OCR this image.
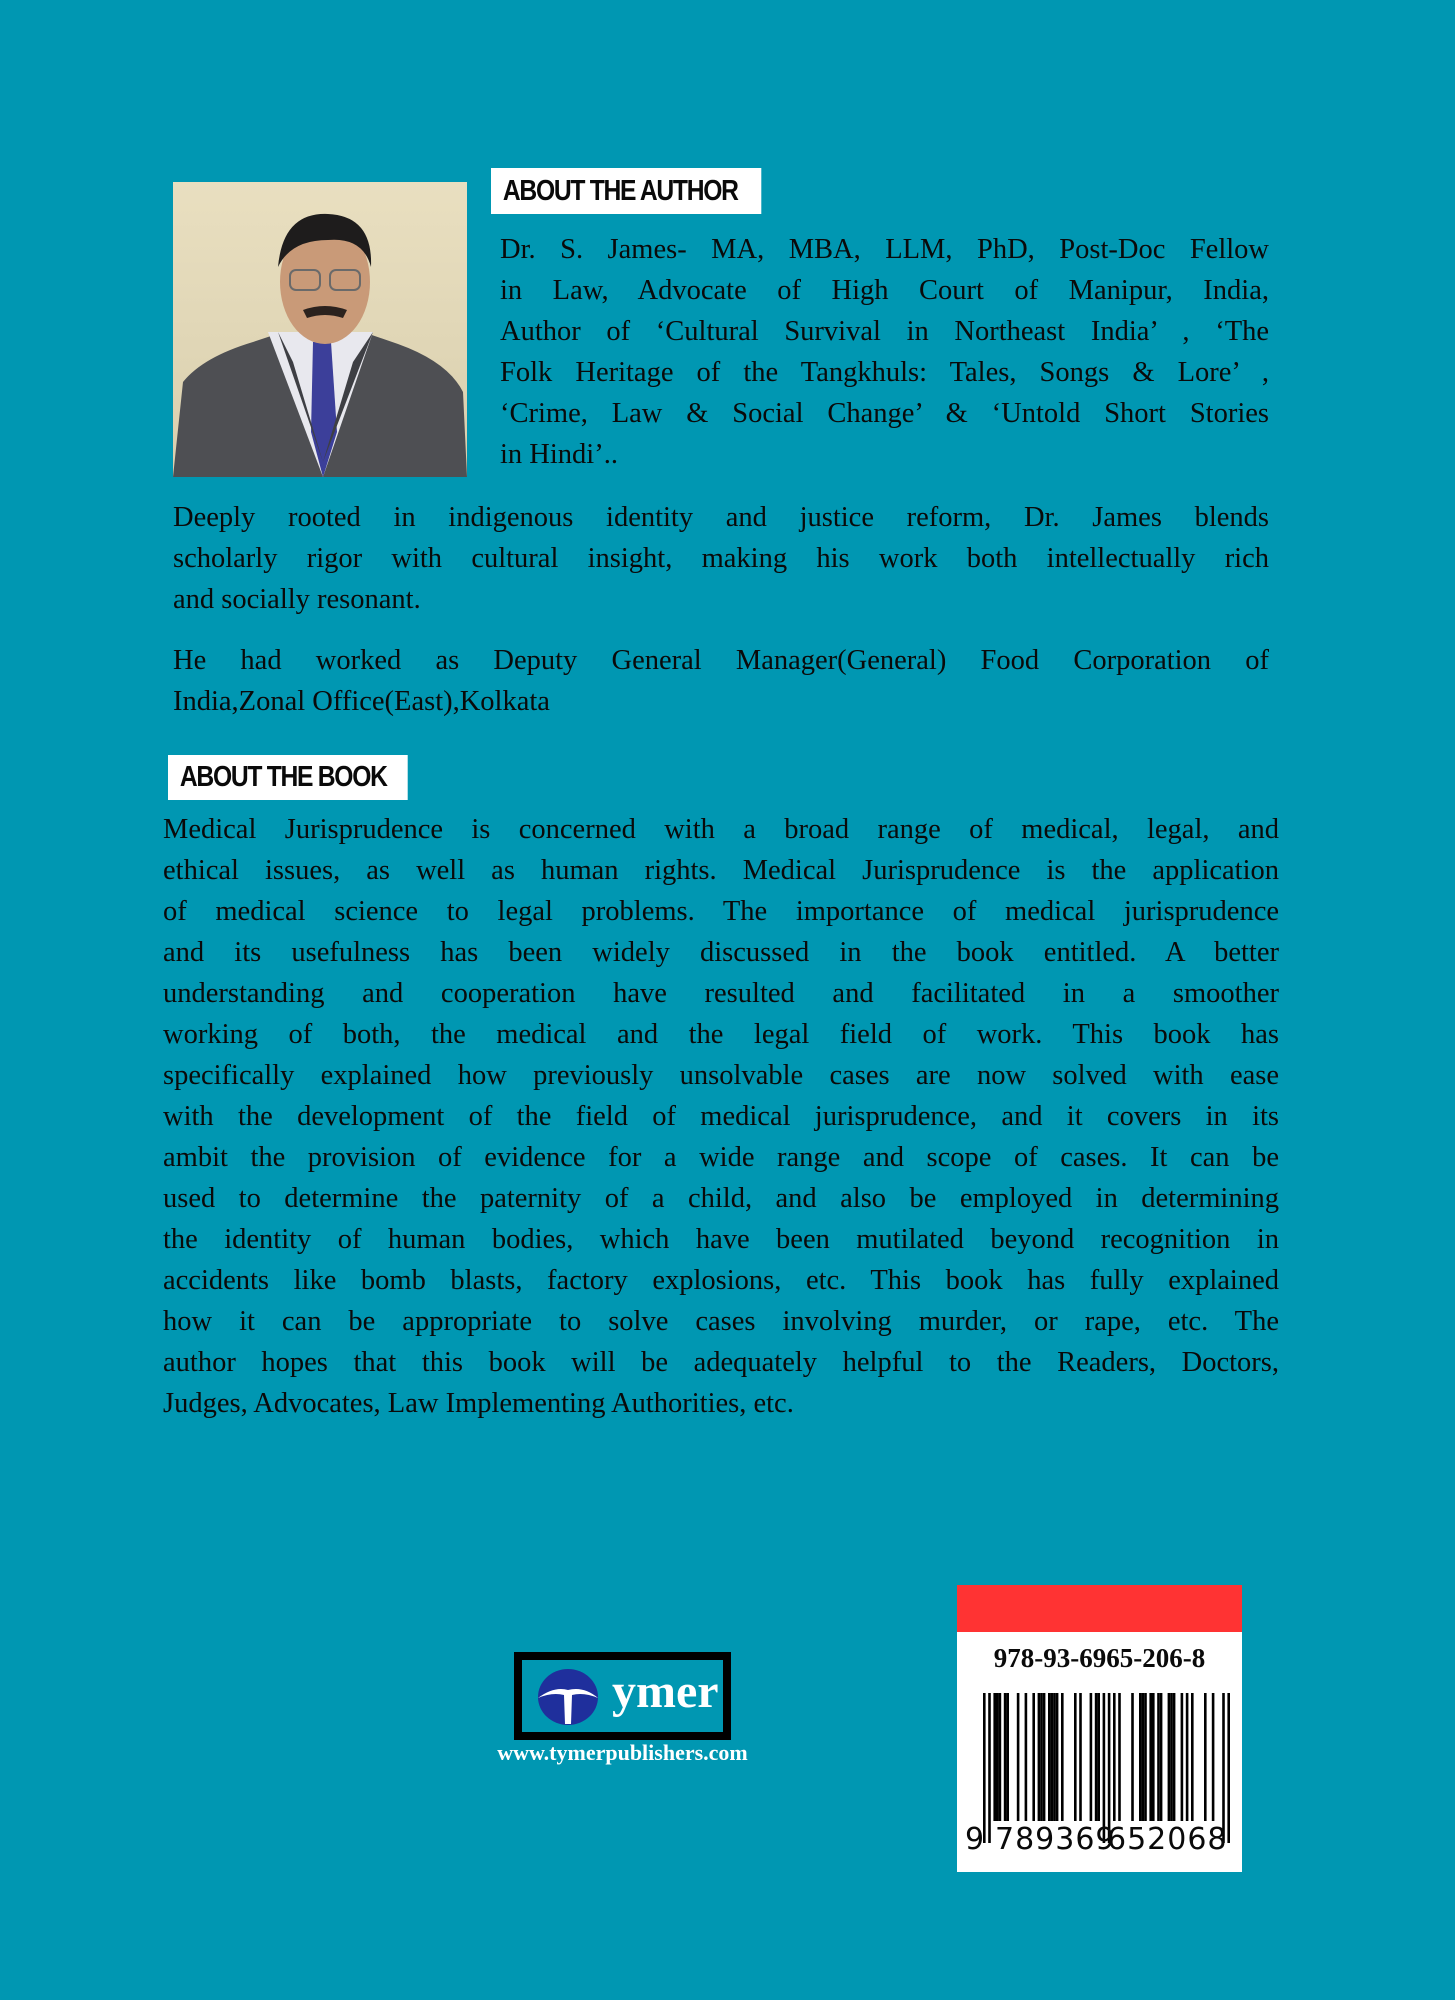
ABOUT THE AUTHOR
Dr. S. James- MA, MBA, LLM, PhD, Post-Doc Fellow
in Law, Advocate of High Court of Manipur, India,
Author of ‘Cultural Survival in Northeast India’ , ‘The
Folk Heritage of the Tangkhuls: Tales, Songs & Lore’ ,
‘Crime, Law & Social Change’ & ‘Untold Short Stories
in Hindi’..
Deeply rooted in indigenous identity and justice reform, Dr. James blends
scholarly rigor with cultural insight, making his work both intellectually rich
and socially resonant.
He had worked as Deputy General Manager(General) Food Corporation of
India,Zonal Office(East),Kolkata
ABOUT THE BOOK
Medical Jurisprudence is concerned with a broad range of medical, legal, and
ethical issues, as well as human rights. Medical Jurisprudence is the application
of medical science to legal problems. The importance of medical jurisprudence
and its usefulness has been widely discussed in the book entitled. A better
understanding and cooperation have resulted and facilitated in a smoother
working of both, the medical and the legal field of work. This book has
specifically explained how previously unsolvable cases are now solved with ease
with the development of the field of medical jurisprudence, and it covers in its
ambit the provision of evidence for a wide range and scope of cases. It can be
used to determine the paternity of a child, and also be employed in determining
the identity of human bodies, which have been mutilated beyond recognition in
accidents like bomb blasts, factory explosions, etc. This book has fully explained
how it can be appropriate to solve cases involving murder, or rape, etc. The
author hopes that this book will be adequately helpful to the Readers, Doctors,
Judges, Advocates, Law Implementing Authorities, etc.
ymer
www.tymerpublishers.com
978-93-6965-206-8
9 789369
652068
